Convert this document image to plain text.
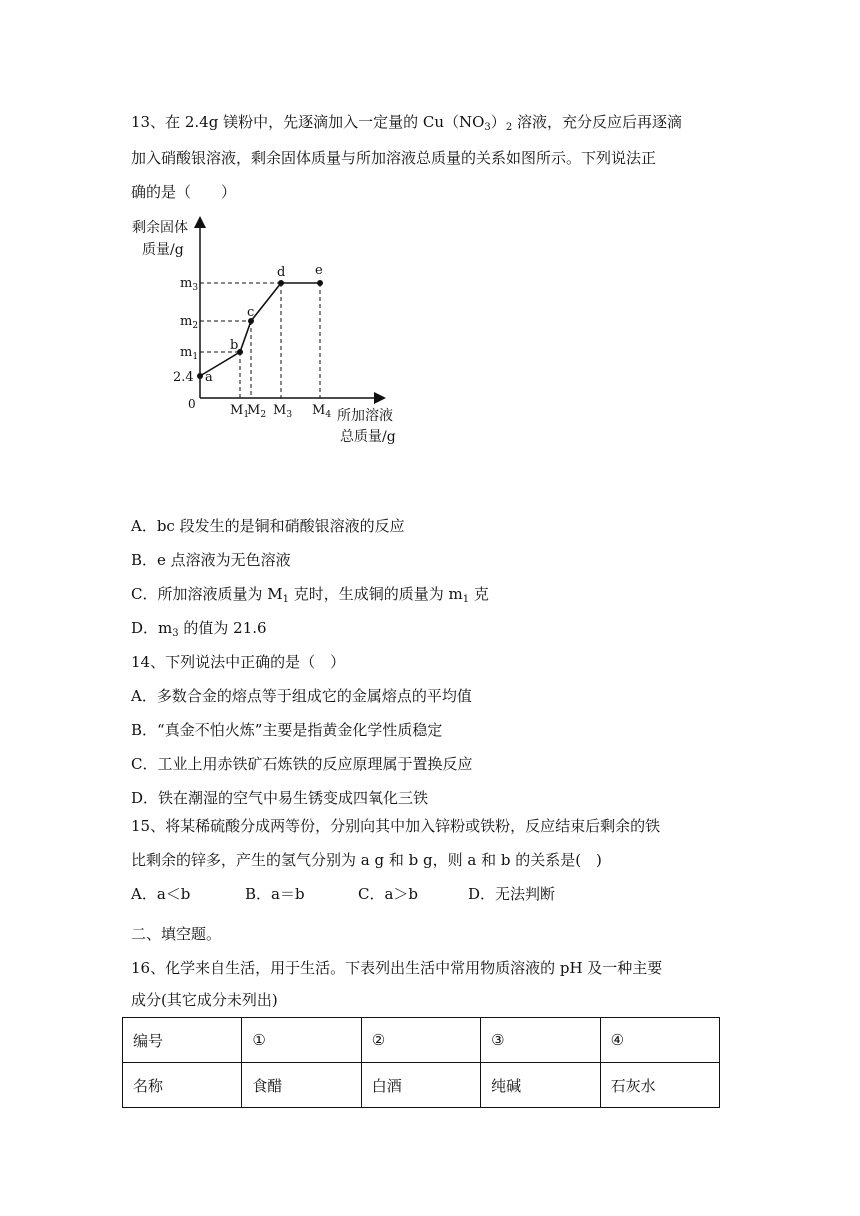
13、在 2.4g 镁粉中，先逐滴加入一定量的 $Cu(NO_3)_2$ 溶液，充分反应后再逐滴
加入硝酸银溶液，剩余固体质量与所加溶液总质量的关系如图所示。下列说法正
确的是（　　）
剩余固体
质量/g
所加溶液
总质量/g
0
a
b
c
d e
2.4
$m_1$
$m_2$
$m_3$
$M_1$
$M_2$ $M_3$ $M_4$
A．bc 段发生的是铜和硝酸银溶液的反应
B．e 点溶液为无色溶液
C．所加溶液质量为 $M_1$ 克时，生成铜的质量为 $m_1$ 克
D．$m_3$ 的值为 21.6
14、下列说法中正确的是（　）
A．多数合金的熔点等于组成它的金属熔点的平均值
B．“真金不怕火炼”主要是指黄金化学性质稳定
C．工业上用赤铁矿石炼铁的反应原理属于置换反应
D．铁在潮湿的空气中易生锈变成四氧化三铁
15、将某稀硫酸分成两等份，分别向其中加入锌粉或铁粉，反应结束后剩余的铁
比剩余的锌多，产生的氢气分别为 a g 和 b g，则 a 和 b 的关系是(　)
A．a＜b	B．a＝b	C．a＞b	D．无法判断
二、填空题。
16、化学来自生活，用于生活。下表列出生活中常用物质溶液的 pH 及一种主要
成分(其它成分未列出)
编号	①	②	③	④
名称	食醋	白酒	纯碱	石灰水
